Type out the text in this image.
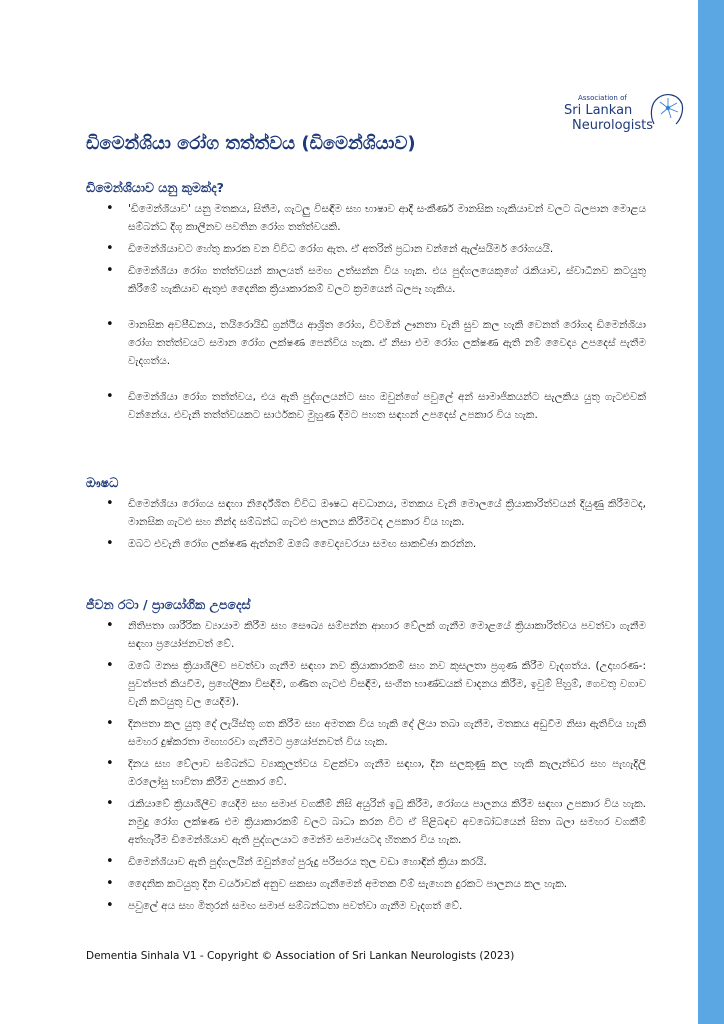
Association of
Sri Lankan
Neurologists
ඩිමෙන්ශියා රෝග තත්ත්වය (ඩිමෙන්ශියාව)
ඩිමෙන්ශියාව යනු කුමක්ද?
• 'ඩිමෙන්ශියාව' යනු මතකය, සිතීම, ගැටලු විසඳීම සහ භාෂාව ආදී සංකීර්ණ මානසික හැකියාවන් වලට බලපාන මොළය සම්බන්ධ දිගු කාලීනව පවතින රෝග තත්ත්වයකි.
• ඩිමෙන්ශියාවට හේතු කාරක වන විවිධ රෝග ඇත. ඒ අතරින් ප්‍රධාන වන්නේ ඇල්සයිමර් රෝගයයි.
• ඩිමෙන්ශියා රෝග තත්ත්වයන් කාලයත් සමඟ උත්සන්න විය හැක. එය පුද්ගලයෙකුගේ රැකියාව, ස්වාධීනව කටයුතු කිරීමේ හැකියාව ඇතුළු දෛනික ක්‍රියාකාරකම් වලට ක්‍රමයෙන් බලපෑ හැකිය.
• මානසික අවපීඩනය, තයිරොයිඩ් ග්‍රන්ථිය ආශ්‍රිත රෝග, විටමින් ඌනතා වැනි සුව කල හැකි වෙනත් රෝගද ඩිමෙන්ශියා රෝග තත්ත්වයට සමාන රෝග ලක්ෂණ පෙන්විය හැක. ඒ නිසා එම රෝග ලක්ෂණ ඇති නම් වෛද්‍ය උපදෙස් පැතීම වැදගත්ය.
• ඩිමෙන්ශියා රෝග තත්ත්වය, එය ඇති පුද්ගලයන්ට සහ ඔවුන්ගේ පවුලේ අන් සාමාජිකයන්ට සැලකිය යුතු ගැටළුවක් වන්නේය. එවැනි තත්ත්වයකට සාර්ථකව මුහුණ දීමට පහත සඳහන් උපදෙස් උපකාර විය හැක.
ඖෂධ
• ඩිමෙන්ශියා රෝගය සඳහා නිර්දේශිත විවිධ ඖෂධ අවධානය, මතකය වැනි මොලයේ ක්‍රියාකාරිත්වයන් දියුණු කිරීමටද, මානසික ගැටළු සහ නින්ද සම්බන්ධ ගැටළු පාලනය කිරීමටද උපකාර විය හැක.
• ඔබට එවැනි රෝග ලක්ෂණ ඇත්නම් ඔබේ වෛද්‍යවරයා සමඟ සාකච්ඡා කරන්න.
ජීවන රටා / ප්‍රායෝගික උපදෙස්
• නිතිපතා ශාරීරික ව්‍යායාම කිරීම සහ සෞඛ්‍ය සම්පන්න ආහාර වේලක් ගැනීම මොළයේ ක්‍රියාකාරිත්වය පවත්වා ගැනීම සඳහා ප්‍රයෝජනවත් වේ.
• ඔබේ මනස ක්‍රියාශීලීව පවත්වා ගැනීම සඳහා නව ක්‍රියාකාරකම් සහ නව කුසලතා ප්‍රගුණ කිරීම වැදගත්ය. (උදාහරණ-: පුවත්පත් කියවීම, ප්‍රහේලිකා විසඳීම, ගණිත ගැටළු විසඳීම, සංගීත භාණ්ඩයක් වාදනය කිරීම, ඉවුම් පිහුම්, ගෙවතු වගාව වැනි කටයුතු වල යෙදීම).
• දිනපතා කල යුතු දේ ලැයිස්තු ගත කිරීම සහ අමතක විය හැකි දේ ලියා තබා ගැනීම, මතකය අඩුවීම නිසා ඇතිවිය හැකි සමහර දුෂ්කරතා මඟහරවා ගැනීමට ප්‍රයෝජනවත් විය හැක.
• දිනය සහ වේලාව සම්බන්ධ ව්‍යාකූලත්වය වළක්වා ගැනීම සඳහා, දින සලකුණු කල හැකි කැලැන්ඩර සහ පැහැදිලි ඔරලෝසු භාවිතා කිරීම උපකාර වේ.
• රැකියාවේ ක්‍රියාශීලීව යෙදීම සහ සමාජ වගකීම් නිසි අයුරින් ඉටු කිරීම, රෝගය පාලනය කිරීම සඳහා උපකාර විය හැක. නමුදු රෝග ලක්ෂණ එම ක්‍රියාකාරකම් වලට බාධා කරන විට ඒ පිළිබඳව අවබෝධයෙන් සිතා බලා සමහර වගකීම් අත්හැරීම ඩිමෙන්ශියාව ඇති පුද්ගලයාට මෙන්ම සමාජයටද හිතකර විය හැක.
• ඩිමෙන්ශියාව ඇති පුද්ගලයින් ඔවුන්ගේ පුරුදු පරිසරය තුල වඩා හොඳින් ක්‍රියා කරයි.
• දෛනික කටයුතු දින චර්යාවක් අනුව සකසා ගැනීමෙන් අමතක වීම් සැහෙන දුරකට පාලනය කල හැක.
• පවුලේ අය සහ මිතුරන් සමඟ සමාජ සම්බන්ධතා පවත්වා ගැනීම වැදගත් වේ.
Dementia Sinhala V1 - Copyright © Association of Sri Lankan Neurologists (2023)
